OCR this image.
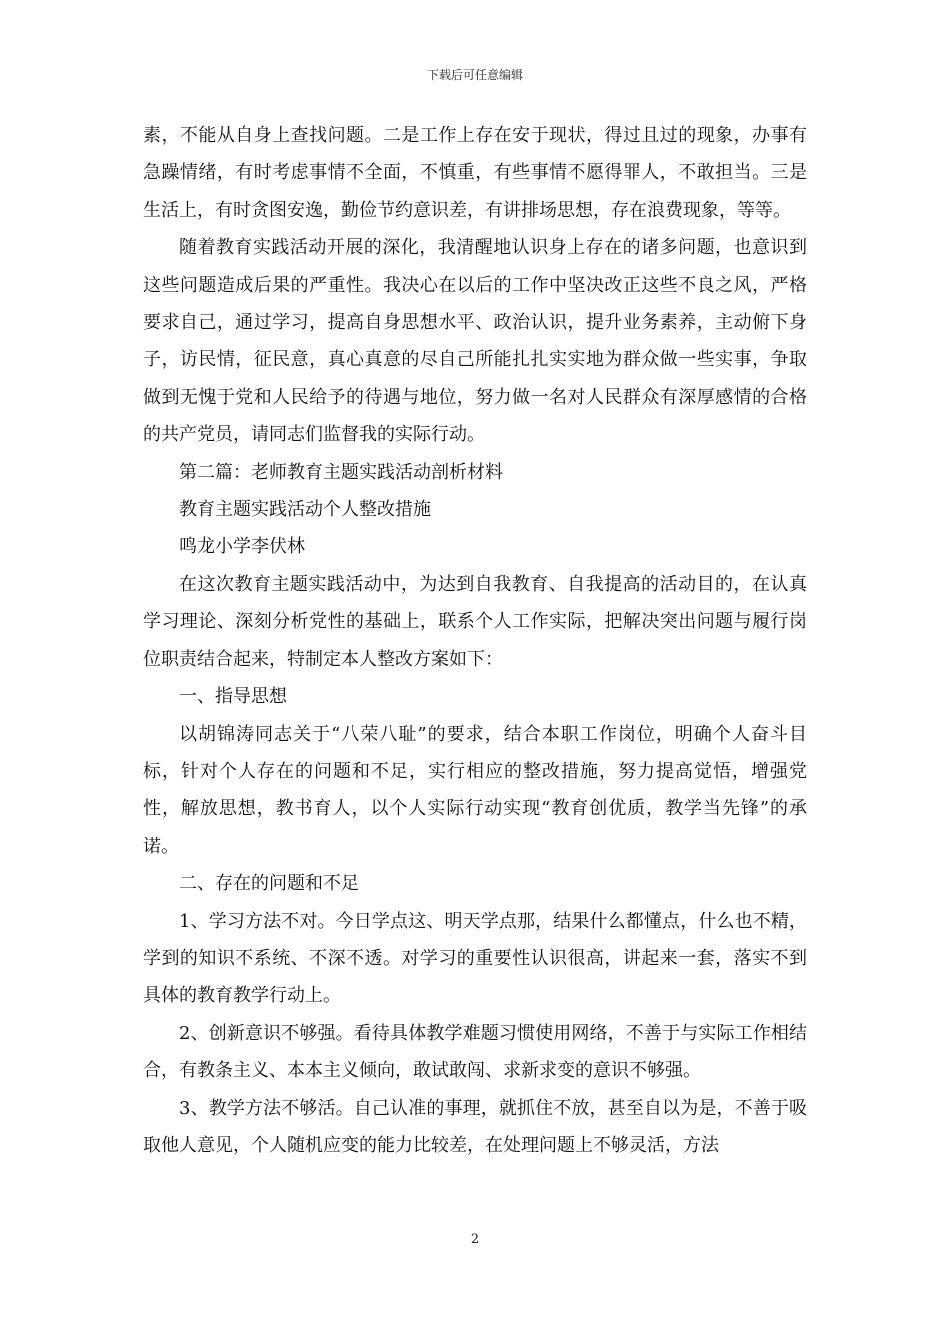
下载后可任意编辑

素，不能从自身上查找问题。二是工作上存在安于现状，得过且过的现象，办事有急躁情绪，有时考虑事情不全面，不慎重，有些事情不愿得罪人，不敢担当。三是生活上，有时贪图安逸，勤俭节约意识差，有讲排场思想，存在浪费现象，等等。

随着教育实践活动开展的深化，我清醒地认识身上存在的诸多问题，也意识到这些问题造成后果的严重性。我决心在以后的工作中坚决改正这些不良之风，严格要求自己，通过学习，提高自身思想水平、政治认识，提升业务素养，主动俯下身子，访民情，征民意，真心真意的尽自己所能扎扎实实地为群众做一些实事，争取做到无愧于党和人民给予的待遇与地位，努力做一名对人民群众有深厚感情的合格的共产党员，请同志们监督我的实际行动。

第二篇：老师教育主题实践活动剖析材料

教育主题实践活动个人整改措施

鸣龙小学李伏林

在这次教育主题实践活动中，为达到自我教育、自我提高的活动目的，在认真学习理论、深刻分析党性的基础上，联系个人工作实际，把解决突出问题与履行岗位职责结合起来，特制定本人整改方案如下：

一、指导思想

以胡锦涛同志关于“八荣八耻”的要求，结合本职工作岗位，明确个人奋斗目标，针对个人存在的问题和不足，实行相应的整改措施，努力提高觉悟，增强党性，解放思想，教书育人，以个人实际行动实现“教育创优质，教学当先锋”的承诺。

二、存在的问题和不足

1、学习方法不对。今日学点这、明天学点那，结果什么都懂点，什么也不精，学到的知识不系统、不深不透。对学习的重要性认识很高，讲起来一套，落实不到具体的教育教学行动上。

2、创新意识不够强。看待具体教学难题习惯使用网络，不善于与实际工作相结合，有教条主义、本本主义倾向，敢试敢闯、求新求变的意识不够强。

3、教学方法不够活。自己认准的事理，就抓住不放，甚至自以为是，不善于吸取他人意见，个人随机应变的能力比较差，在处理问题上不够灵活，方法

2
